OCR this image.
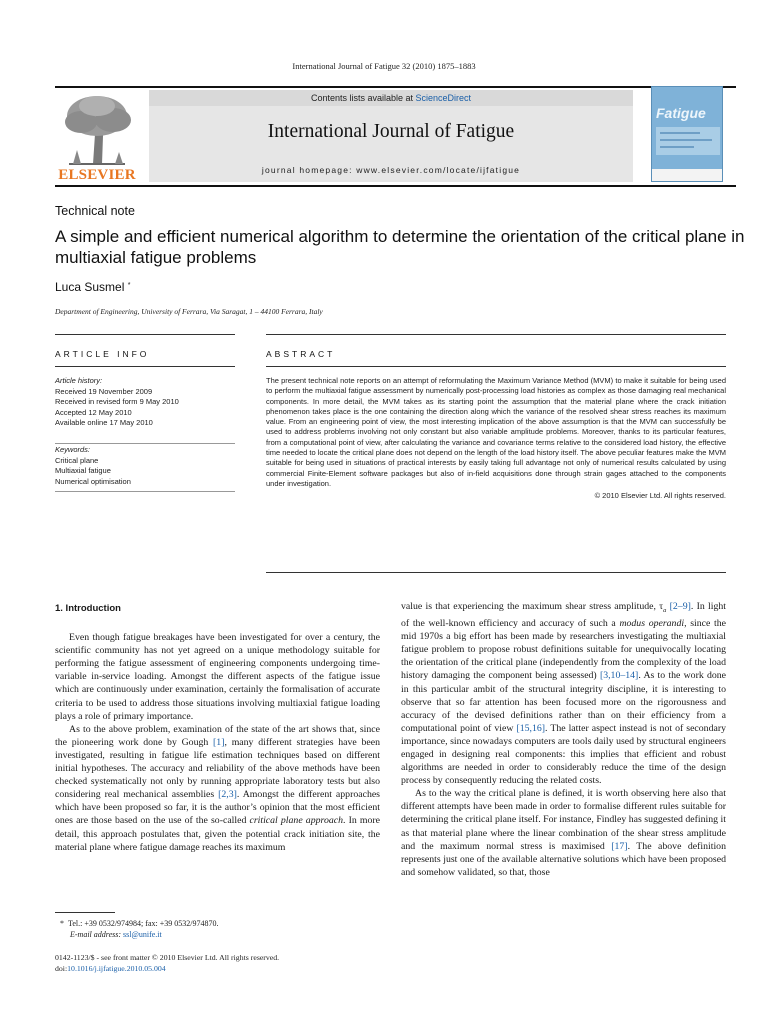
International Journal of Fatigue 32 (2010) 1875–1883
ELSEVIER
Contents lists available at ScienceDirect
International Journal of Fatigue
journal homepage: www.elsevier.com/locate/ijfatigue
Fatigue
Technical note
A simple and efficient numerical algorithm to determine the orientation of the critical plane in multiaxial fatigue problems
Luca Susmel *
Department of Engineering, University of Ferrara, Via Saragat, 1 – 44100 Ferrara, Italy
ARTICLE INFO	ABSTRACT
Article history:
Received 19 November 2009
Received in revised form 9 May 2010
Accepted 12 May 2010
Available online 17 May 2010
Keywords:
Critical plane
Multiaxial fatigue
Numerical optimisation
The present technical note reports on an attempt of reformulating the Maximum Variance Method (MVM) to make it suitable for being used to perform the multiaxial fatigue assessment by numerically post-processing load histories as complex as those damaging real mechanical components. In more detail, the MVM takes as its starting point the assumption that the material plane where the crack initiation phenomenon takes place is the one containing the direction along which the variance of the resolved shear stress reaches its maximum value. From an engineering point of view, the most interesting implication of the above assumption is that the MVM can successfully be used to address problems involving not only constant but also variable amplitude problems. Moreover, thanks to its particular features, from a computational point of view, after calculating the variance and covariance terms relative to the considered load history, the effective time needed to locate the critical plane does not depend on the length of the load history itself. The above peculiar features make the MVM suitable for being used in situations of practical interests by easily taking full advantage not only of numerical results calculated by using commercial Finite-Element software packages but also of in-field acquisitions done through strain gages attached to the components under investigation.
© 2010 Elsevier Ltd. All rights reserved.
1. Introduction

Even though fatigue breakages have been investigated for over a century, the scientific community has not yet agreed on a unique methodology suitable for performing the fatigue assessment of engineering components undergoing time-variable in-service loading. Amongst the different aspects of the fatigue issue which are continuously under examination, certainly the formalisation of accurate criteria to be used to address those situations involving multiaxial fatigue loading plays a role of primary importance.

As to the above problem, examination of the state of the art shows that, since the pioneering work done by Gough [1], many different strategies have been investigated, resulting in fatigue life estimation techniques based on different initial hypotheses. The accuracy and reliability of the above methods have been checked systematically not only by running appropriate laboratory tests but also considering real mechanical assemblies [2,3]. Amongst the different approaches which have been proposed so far, it is the author’s opinion that the most efficient ones are those based on the use of the so-called critical plane approach. In more detail, this approach postulates that, given the potential crack initiation site, the material plane where fatigue damage reaches its maximum

value is that experiencing the maximum shear stress amplitude, $\tau_a$ [2–9]. In light of the well-known efficiency and accuracy of such a modus operandi, since the mid 1970s a big effort has been made by researchers investigating the multiaxial fatigue problem to propose robust definitions suitable for unequivocally locating the orientation of the critical plane (independently from the complexity of the load history damaging the component being assessed) [3,10–14]. As to the work done in this particular ambit of the structural integrity discipline, it is interesting to observe that so far attention has been focused more on the rigorousness and accuracy of the devised definitions rather than on their efficiency from a computational point of view [15,16]. The latter aspect instead is not of secondary importance, since nowadays computers are tools daily used by structural engineers engaged in designing real components: this implies that efficient and robust algorithms are needed in order to considerably reduce the time of the design process by consequently reducing the related costs.

As to the way the critical plane is defined, it is worth observing here also that different attempts have been made in order to formalise different rules suitable for determining the critical plane itself. For instance, Findley has suggested defining it as that material plane where the linear combination of the shear stress amplitude and the maximum normal stress is maximised [17]. The above definition represents just one of the available alternative solutions which have been proposed and somehow validated, so that, those

*  Tel.: +39 0532/974984; fax: +39 0532/974870.
E-mail address: ssl@unife.it
0142-1123/$ - see front matter © 2010 Elsevier Ltd. All rights reserved.
doi:10.1016/j.ijfatigue.2010.05.004
